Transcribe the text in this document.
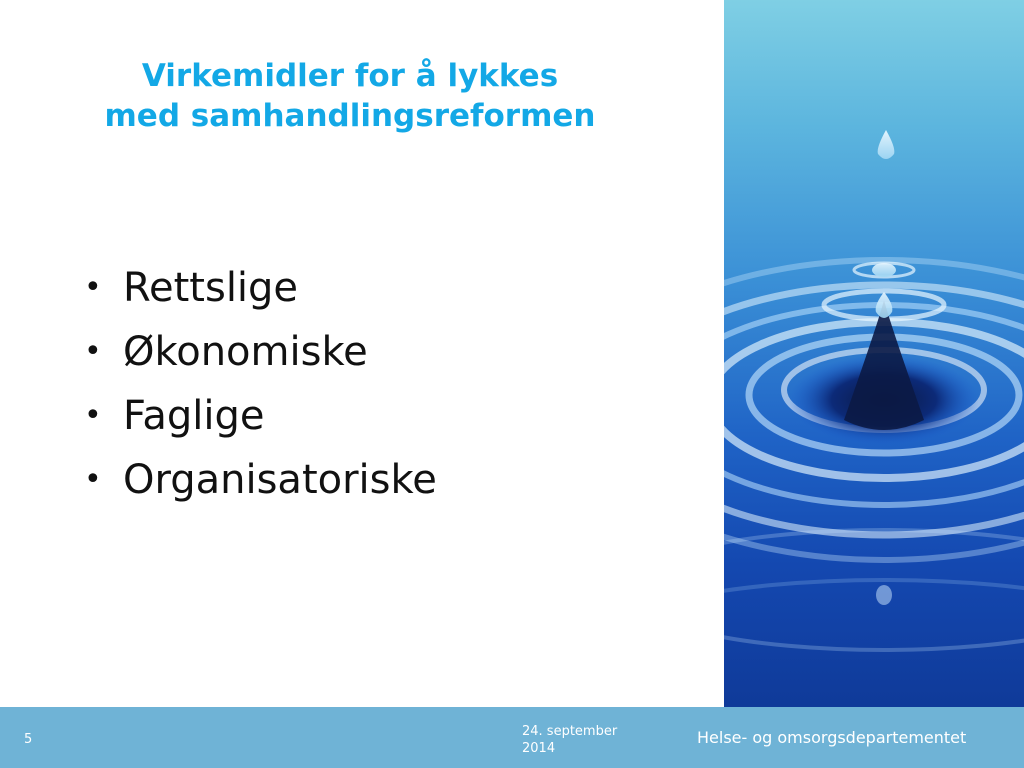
Virkemidler for å lykkes
med samhandlingsreformen
• Rettslige
• Økonomiske
• Faglige
• Organisatoriske
5
24. september
2014
Helse- og omsorgsdepartementet
